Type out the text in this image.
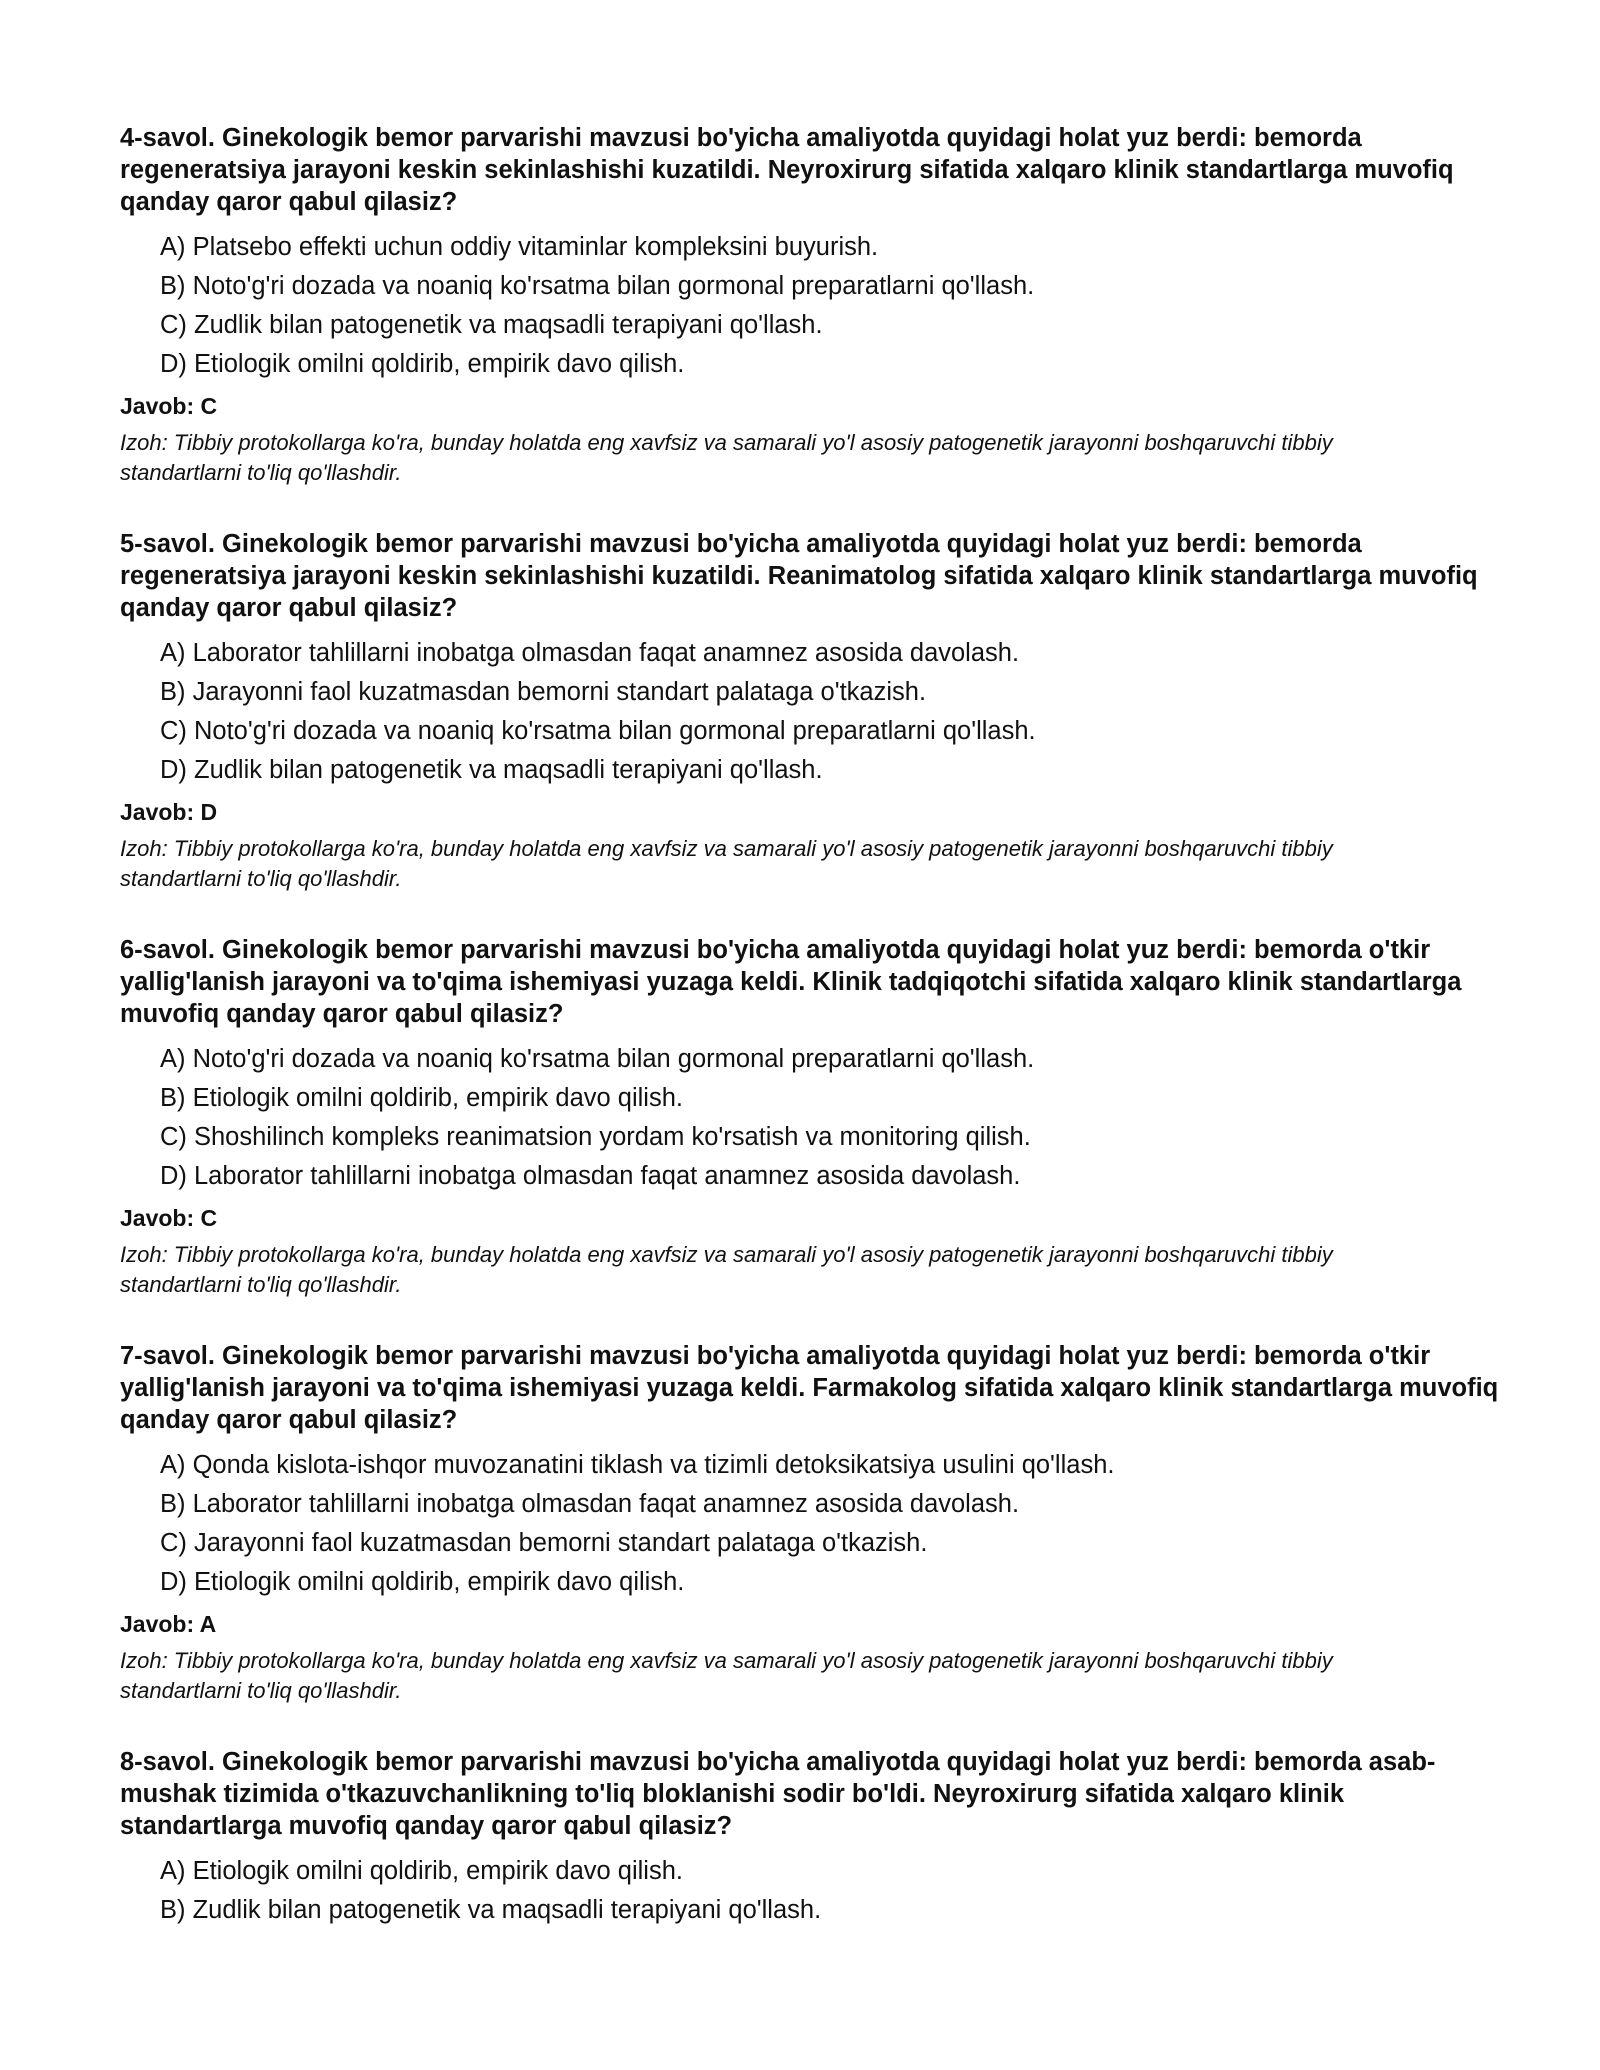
4-savol. Ginekologik bemor parvarishi mavzusi bo'yicha amaliyotda quyidagi holat yuz berdi: bemorda regeneratsiya jarayoni keskin sekinlashishi kuzatildi. Neyroxirurg sifatida xalqaro klinik standartlarga muvofiq qanday qaror qabul qilasiz?

A) Platsebo effekti uchun oddiy vitaminlar kompleksini buyurish.
B) Noto'g'ri dozada va noaniq ko'rsatma bilan gormonal preparatlarni qo'llash.
C) Zudlik bilan patogenetik va maqsadli terapiyani qo'llash.
D) Etiologik omilni qoldirib, empirik davo qilish.
Javob: C
Izoh: Tibbiy protokollarga ko'ra, bunday holatda eng xavfsiz va samarali yo'l asosiy patogenetik jarayonni boshqaruvchi tibbiy standartlarni to'liq qo'llashdir.

5-savol. Ginekologik bemor parvarishi mavzusi bo'yicha amaliyotda quyidagi holat yuz berdi: bemorda regeneratsiya jarayoni keskin sekinlashishi kuzatildi. Reanimatolog sifatida xalqaro klinik standartlarga muvofiq qanday qaror qabul qilasiz?

A) Laborator tahlillarni inobatga olmasdan faqat anamnez asosida davolash.
B) Jarayonni faol kuzatmasdan bemorni standart palataga o'tkazish.
C) Noto'g'ri dozada va noaniq ko'rsatma bilan gormonal preparatlarni qo'llash.
D) Zudlik bilan patogenetik va maqsadli terapiyani qo'llash.
Javob: D
Izoh: Tibbiy protokollarga ko'ra, bunday holatda eng xavfsiz va samarali yo'l asosiy patogenetik jarayonni boshqaruvchi tibbiy standartlarni to'liq qo'llashdir.

6-savol. Ginekologik bemor parvarishi mavzusi bo'yicha amaliyotda quyidagi holat yuz berdi: bemorda o'tkir yallig'lanish jarayoni va to'qima ishemiyasi yuzaga keldi. Klinik tadqiqotchi sifatida xalqaro klinik standartlarga muvofiq qanday qaror qabul qilasiz?

A) Noto'g'ri dozada va noaniq ko'rsatma bilan gormonal preparatlarni qo'llash.
B) Etiologik omilni qoldirib, empirik davo qilish.
C) Shoshilinch kompleks reanimatsion yordam ko'rsatish va monitoring qilish.
D) Laborator tahlillarni inobatga olmasdan faqat anamnez asosida davolash.
Javob: C
Izoh: Tibbiy protokollarga ko'ra, bunday holatda eng xavfsiz va samarali yo'l asosiy patogenetik jarayonni boshqaruvchi tibbiy standartlarni to'liq qo'llashdir.

7-savol. Ginekologik bemor parvarishi mavzusi bo'yicha amaliyotda quyidagi holat yuz berdi: bemorda o'tkir yallig'lanish jarayoni va to'qima ishemiyasi yuzaga keldi. Farmakolog sifatida xalqaro klinik standartlarga muvofiq qanday qaror qabul qilasiz?

A) Qonda kislota-ishqor muvozanatini tiklash va tizimli detoksikatsiya usulini qo'llash.
B) Laborator tahlillarni inobatga olmasdan faqat anamnez asosida davolash.
C) Jarayonni faol kuzatmasdan bemorni standart palataga o'tkazish.
D) Etiologik omilni qoldirib, empirik davo qilish.
Javob: A
Izoh: Tibbiy protokollarga ko'ra, bunday holatda eng xavfsiz va samarali yo'l asosiy patogenetik jarayonni boshqaruvchi tibbiy standartlarni to'liq qo'llashdir.

8-savol. Ginekologik bemor parvarishi mavzusi bo'yicha amaliyotda quyidagi holat yuz berdi: bemorda asab-mushak tizimida o'tkazuvchanlikning to'liq bloklanishi sodir bo'ldi. Neyroxirurg sifatida xalqaro klinik standartlarga muvofiq qanday qaror qabul qilasiz?

A) Etiologik omilni qoldirib, empirik davo qilish.
B) Zudlik bilan patogenetik va maqsadli terapiyani qo'llash.
